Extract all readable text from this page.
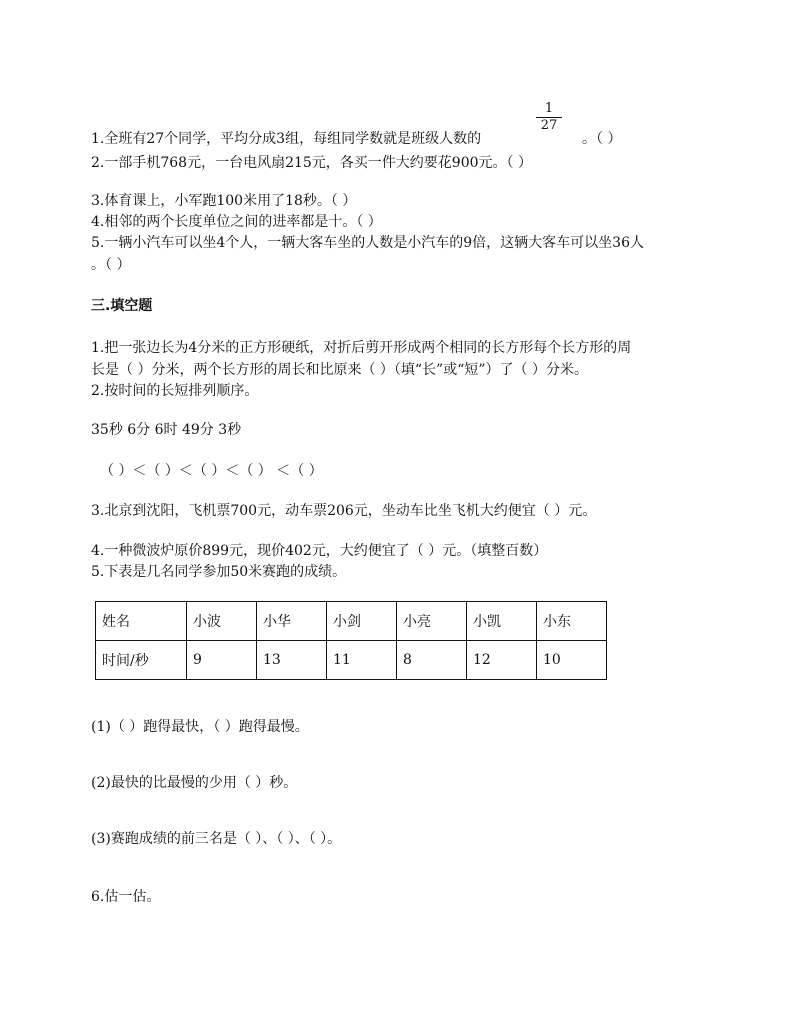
1.全班有27个同学，平均分成3组，每组同学数就是班级人数的
1
27
。（ ）
2.一部手机768元，一台电风扇215元，各买一件大约要花900元。（ ）
3.体育课上，小军跑100米用了18秒。（ ）
4.相邻的两个长度单位之间的进率都是十。（ ）
5.一辆小汽车可以坐4个人，一辆大客车坐的人数是小汽车的9倍，这辆大客车可以坐36人
。（ ）
三.填空题
1.把一张边长为4分米的正方形硬纸，对折后剪开形成两个相同的长方形每个长方形的周
长是（ ）分米，两个长方形的周长和比原来（ ）（填“长”或“短”）了（ ）分米。
2.按时间的长短排列顺序。
35秒 6分 6时 49分 3秒
（ ）＜（ ）＜（ ）＜（ ） ＜（ ）
3.北京到沈阳，飞机票700元，动车票206元，坐动车比坐飞机大约便宜（ ）元。
4.一种微波炉原价899元，现价402元，大约便宜了（ ）元。（填整百数）
5.下表是几名同学参加50米赛跑的成绩。
姓名	小波	小华	小剑	小亮	小凯	小东
时间/秒	9	13	11	8	12	10
(1)（ ）跑得最快，（ ）跑得最慢。
(2)最快的比最慢的少用（ ）秒。
(3)赛跑成绩的前三名是（ ）、（ ）、（ ）。
6.估一估。
